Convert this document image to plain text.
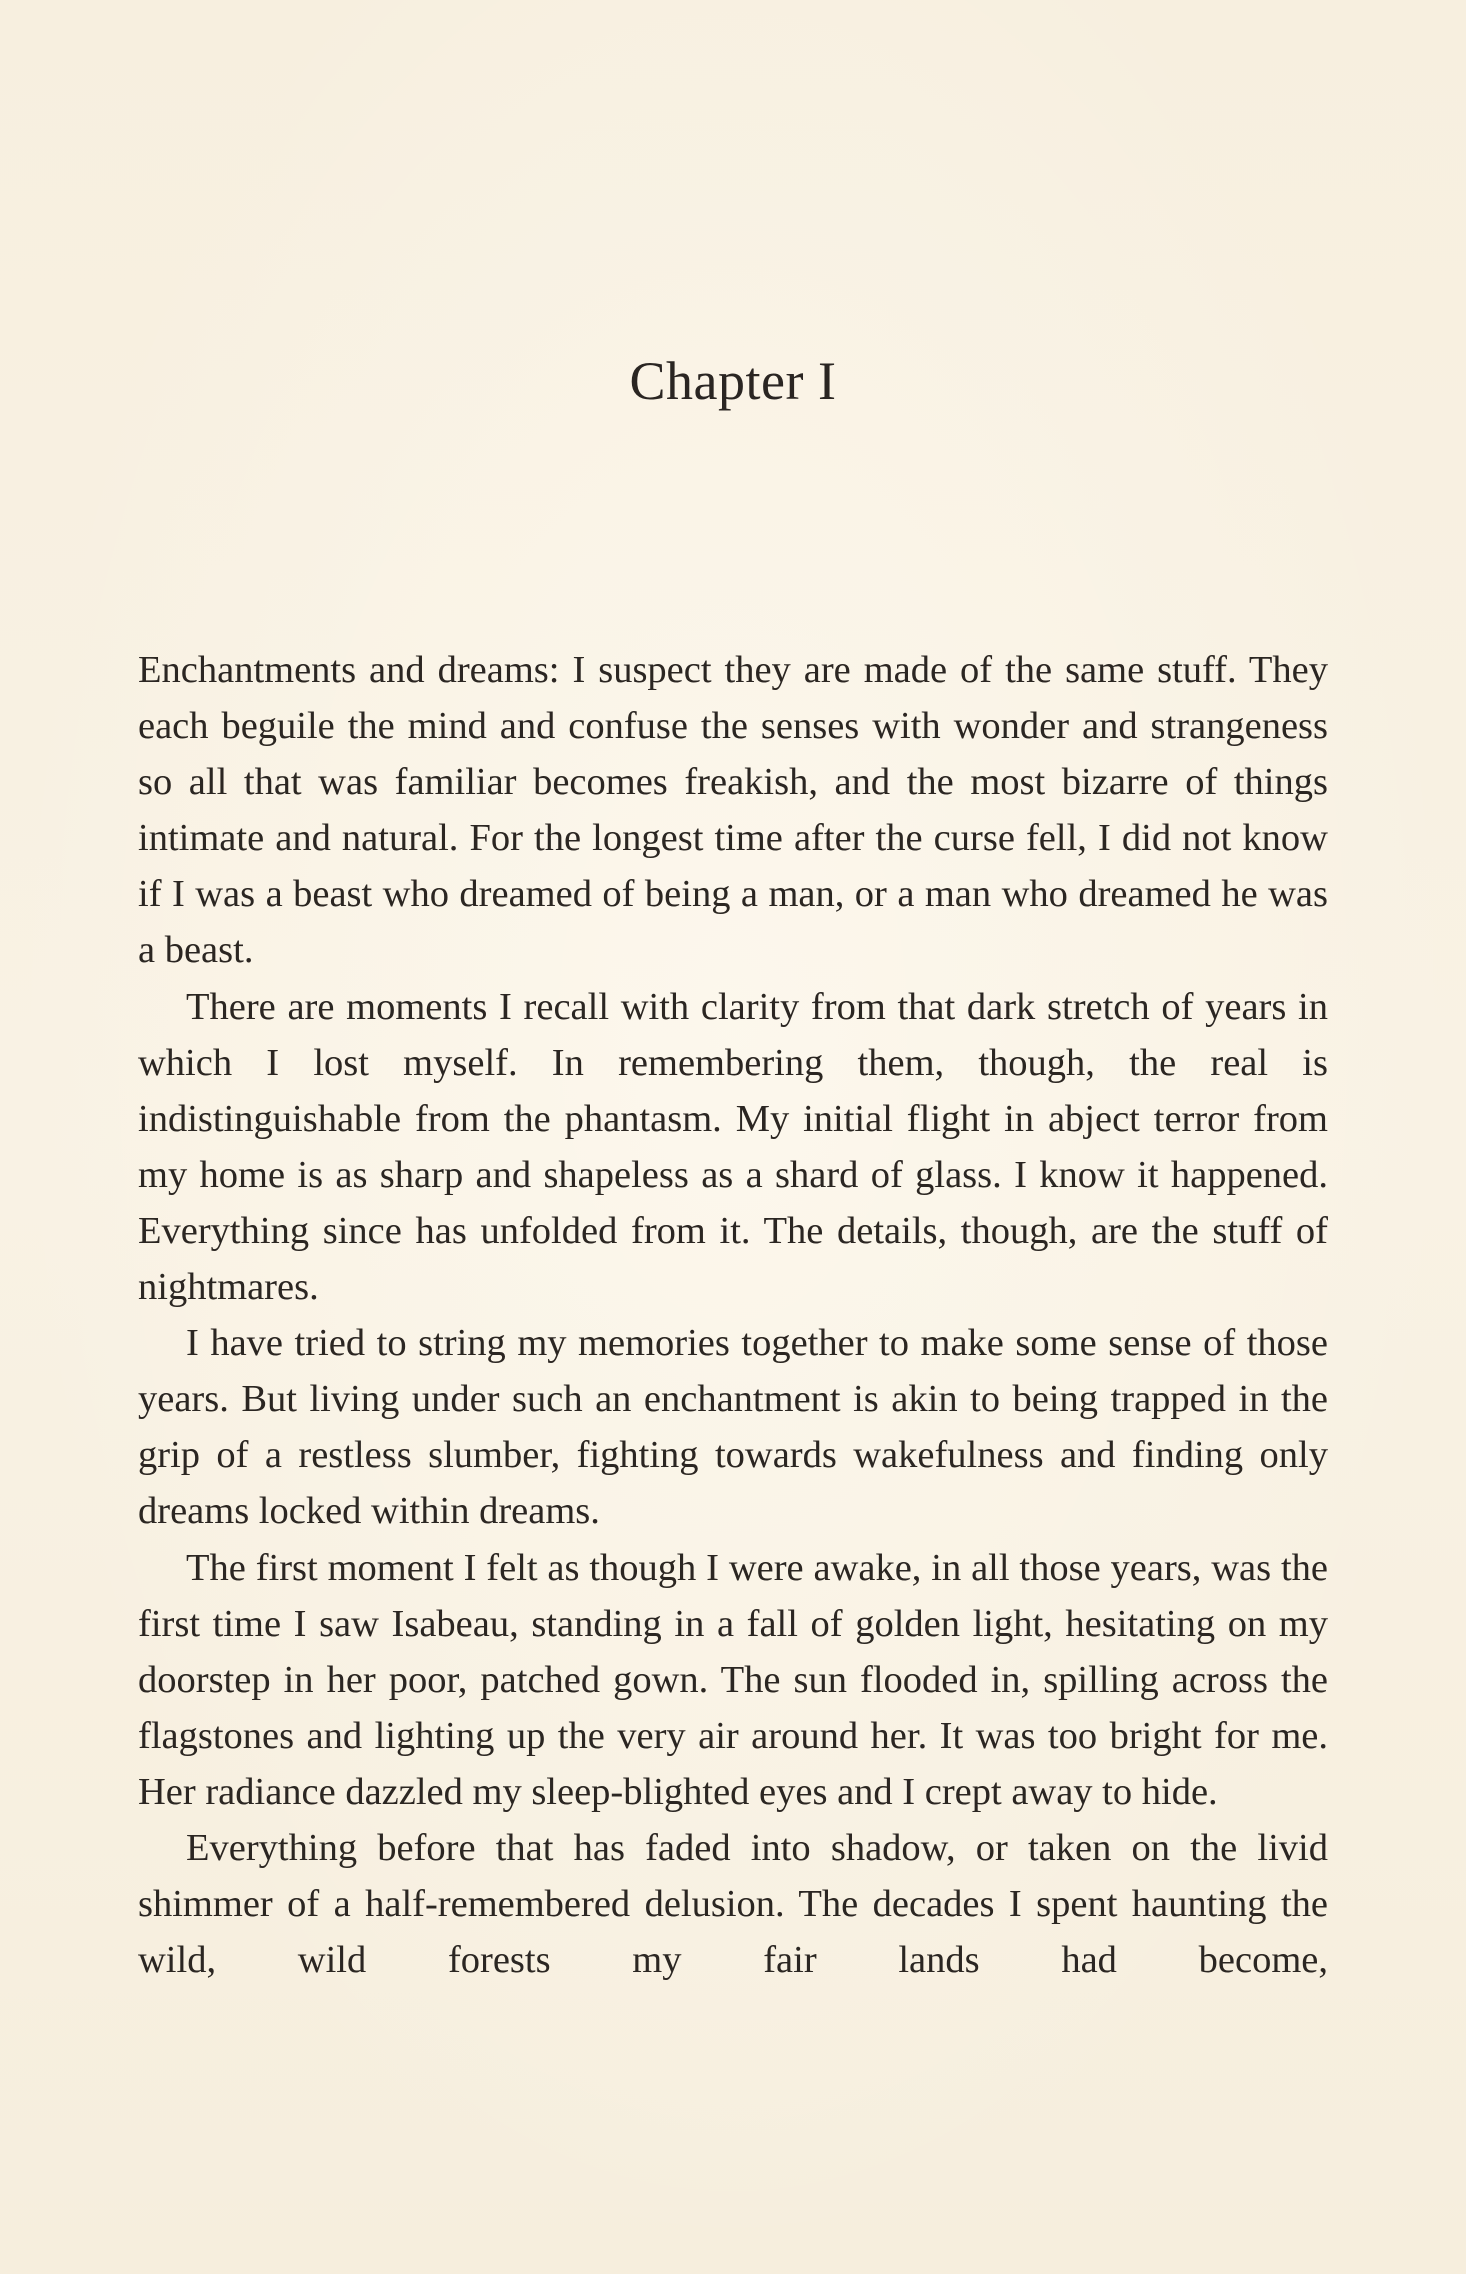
Chapter I

Enchantments and dreams: I suspect they are made of the same stuff. They each beguile the mind and confuse the senses with wonder and strangeness so all that was familiar becomes freakish, and the most bizarre of things intimate and natural. For the longest time after the curse fell, I did not know if I was a beast who dreamed of being a man, or a man who dreamed he was a beast.

There are moments I recall with clarity from that dark stretch of years in which I lost myself. In remembering them, though, the real is indistinguishable from the phantasm. My initial flight in abject terror from my home is as sharp and shapeless as a shard of glass. I know it happened. Everything since has unfolded from it. The details, though, are the stuff of nightmares.

I have tried to string my memories together to make some sense of those years. But living under such an enchantment is akin to being trapped in the grip of a restless slumber, fighting towards wakefulness and finding only dreams locked within dreams.

The first moment I felt as though I were awake, in all those years, was the first time I saw Isabeau, standing in a fall of golden light, hesitating on my doorstep in her poor, patched gown. The sun flooded in, spilling across the flagstones and lighting up the very air around her. It was too bright for me. Her radiance dazzled my sleep-blighted eyes and I crept away to hide.

Everything before that has faded into shadow, or taken on the livid shimmer of a half-remembered delusion. The decades I spent haunting the wild, wild forests my fair lands had become,
